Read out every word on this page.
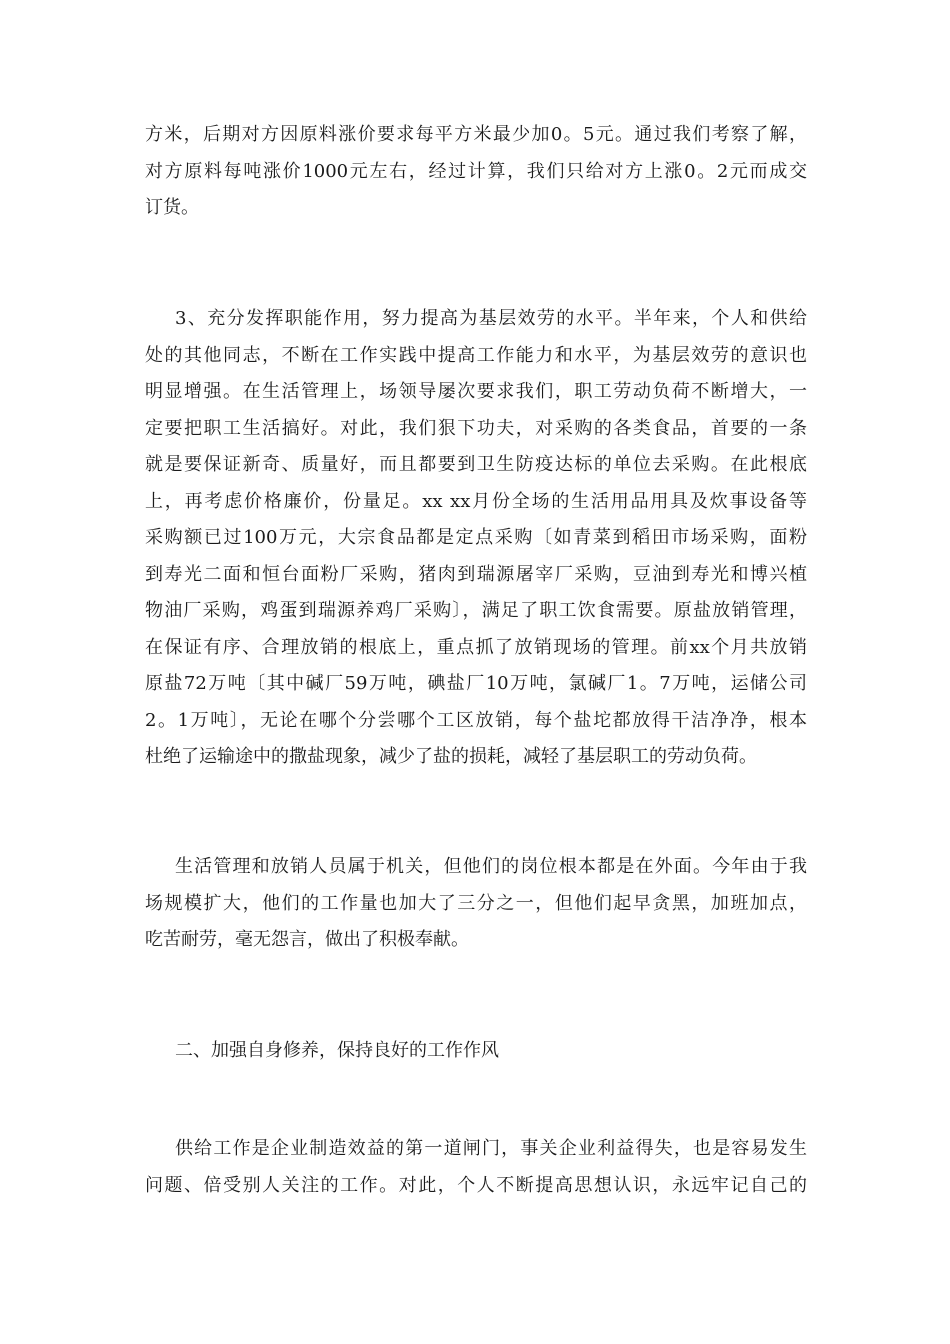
方米，后期对方因原料涨价要求每平方米最少加0。5元。通过我们考察了解，
对方原料每吨涨价1000元左右，经过计算，我们只给对方上涨0。2元而成交
订货。
3、充分发挥职能作用，努力提高为基层效劳的水平。半年来，个人和供给
处的其他同志，不断在工作实践中提高工作能力和水平，为基层效劳的意识也
明显增强。在生活管理上，场领导屡次要求我们，职工劳动负荷不断增大，一
定要把职工生活搞好。对此，我们狠下功夫，对采购的各类食品，首要的一条
就是要保证新奇、质量好，而且都要到卫生防疫达标的单位去采购。在此根底
上，再考虑价格廉价，份量足。xx xx月份全场的生活用品用具及炊事设备等
采购额已过100万元，大宗食品都是定点采购〔如青菜到稻田市场采购，面粉
到寿光二面和恒台面粉厂采购，猪肉到瑞源屠宰厂采购，豆油到寿光和博兴植
物油厂采购，鸡蛋到瑞源养鸡厂采购〕，满足了职工饮食需要。原盐放销管理，
在保证有序、合理放销的根底上，重点抓了放销现场的管理。前xx个月共放销
原盐72万吨〔其中碱厂59万吨，碘盐厂10万吨，氯碱厂1。7万吨，运储公司
2。1万吨〕，无论在哪个分尝哪个工区放销，每个盐坨都放得干洁净净，根本
杜绝了运输途中的撒盐现象，减少了盐的损耗，减轻了基层职工的劳动负荷。
生活管理和放销人员属于机关，但他们的岗位根本都是在外面。今年由于我
场规模扩大，他们的工作量也加大了三分之一，但他们起早贪黑，加班加点，
吃苦耐劳，毫无怨言，做出了积极奉献。
二、加强自身修养，保持良好的工作作风
供给工作是企业制造效益的第一道闸门，事关企业利益得失，也是容易发生
问题、倍受别人关注的工作。对此，个人不断提高思想认识，永远牢记自己的
